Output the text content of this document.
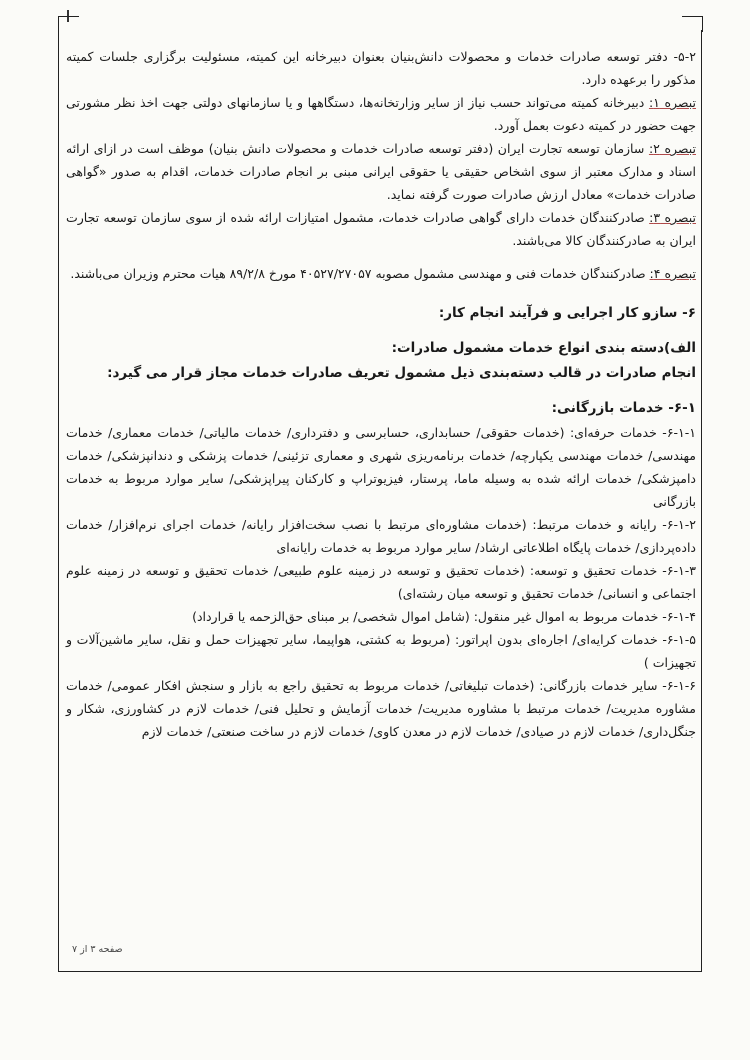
۵-۲- دفتر توسعه صادرات خدمات و محصولات دانش‌بنیان بعنوان دبیرخانه این کمیته، مسئولیت برگزاری جلسات کمیته مذکور را برعهده دارد.

تبصره ۱: دبیرخانه کمیته می‌تواند حسب نیاز از سایر وزارتخانه‌ها، دستگاهها و یا سازمانهای دولتی جهت اخذ نظر مشورتی جهت حضور در کمیته دعوت بعمل آورد.

تبصره ۲: سازمان توسعه تجارت ایران (دفتر توسعه صادرات خدمات و محصولات دانش بنیان) موظف است در ازای ارائه اسناد و مدارک معتبر از سوی اشخاص حقیقی یا حقوقی ایرانی مبنی بر انجام صادرات خدمات، اقدام به صدور «گواهی صادرات خدمات» معادل ارزش صادرات صورت گرفته نماید.

تبصره ۳: صادرکنندگان خدمات دارای گواهی صادرات خدمات، مشمول امتیازات ارائه شده از سوی سازمان توسعه تجارت ایران به صادرکنندگان کالا می‌باشند.

تبصره ۴: صادرکنندگان خدمات فنی و مهندسی مشمول مصوبه ۴۰۵۲۷/۲۷۰۵۷ مورخ ۸۹/۲/۸ هیات محترم وزیران می‌باشند.

۶- سازو کار اجرایی و فرآیند انجام کار:

الف)دسته بندی انواع خدمات مشمول صادرات:

انجام صادرات در قالب دسته‌بندی ذیل مشمول تعریف صادرات خدمات مجاز قرار می گیرد:

۶-۱- خدمات بازرگانی:

۶-۱-۱- خدمات حرفه‌ای: (خدمات حقوقی/ حسابداری، حسابرسی و دفترداری/ خدمات مالیاتی/ خدمات معماری/ خدمات مهندسی/ خدمات مهندسی یکپارچه/ خدمات برنامه‌ریزی شهری و معماری تزئینی/ خدمات پزشکی و دندانپزشکی/ خدمات دامپزشکی/ خدمات ارائه شده به وسیله ماما، پرستار، فیزیوتراپ و کارکنان پیراپزشکی/ سایر موارد مربوط به خدمات بازرگانی

۶-۱-۲- رایانه و خدمات مرتبط: (خدمات مشاوره‌ای مرتبط با نصب سخت‌افزار رایانه/ خدمات اجرای نرم‌افزار/ خدمات داده‌پردازی/ خدمات پایگاه اطلاعاتی ارشاد/ سایر موارد مربوط به خدمات رایانه‌ای

۶-۱-۳- خدمات تحقیق و توسعه: (خدمات تحقیق و توسعه در زمینه علوم طبیعی/ خدمات تحقیق و توسعه در زمینه علوم اجتماعی و انسانی/ خدمات تحقیق و توسعه میان رشته‌ای)

۶-۱-۴- خدمات مربوط به اموال غیر منقول: (شامل اموال شخصی/ بر مبنای حق‌الزحمه یا قرارداد)

۶-۱-۵- خدمات کرایه‌ای/ اجاره‌ای بدون اپراتور: (مربوط به کشتی، هواپیما، سایر تجهیزات حمل و نقل، سایر ماشین‌آلات و تجهیزات )

۶-۱-۶- سایر خدمات بازرگانی: (خدمات تبلیغاتی/ خدمات مربوط به تحقیق راجع به بازار و سنجش افکار عمومی/ خدمات مشاوره مدیریت/ خدمات مرتبط با مشاوره مدیریت/ خدمات آزمایش و تحلیل فنی/ خدمات لازم در کشاورزی، شکار و جنگل‌داری/ خدمات لازم در صیادی/ خدمات لازم در معدن کاوی/ خدمات لازم در ساخت صنعتی/ خدمات لازم

صفحه ۳ از ۷
